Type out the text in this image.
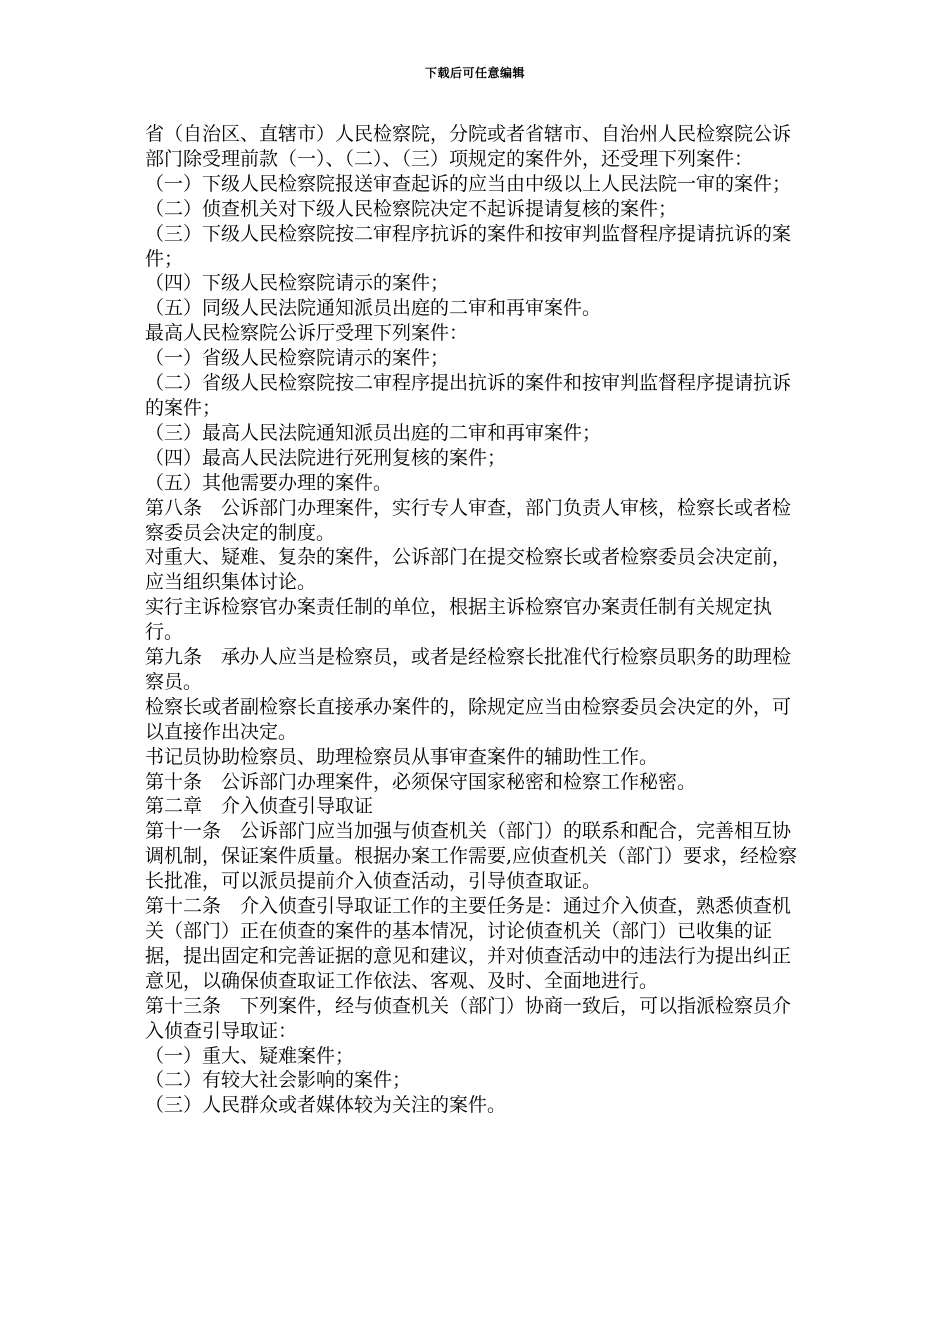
下载后可任意编辑

省（自治区、直辖市）人民检察院，分院或者省辖市、自治州人民检察院公诉部门除受理前款（一）、（二）、（三）项规定的案件外，还受理下列案件：

（一）下级人民检察院报送审查起诉的应当由中级以上人民法院一审的案件；

（二）侦查机关对下级人民检察院决定不起诉提请复核的案件；

（三）下级人民检察院按二审程序抗诉的案件和按审判监督程序提请抗诉的案件；

（四）下级人民检察院请示的案件；

（五）同级人民法院通知派员出庭的二审和再审案件。

最高人民检察院公诉厅受理下列案件：

（一）省级人民检察院请示的案件；

（二）省级人民检察院按二审程序提出抗诉的案件和按审判监督程序提请抗诉的案件；

（三）最高人民法院通知派员出庭的二审和再审案件；

（四）最高人民法院进行死刑复核的案件；

（五）其他需要办理的案件。

第八条　公诉部门办理案件，实行专人审查，部门负责人审核，检察长或者检察委员会决定的制度。

对重大、疑难、复杂的案件，公诉部门在提交检察长或者检察委员会决定前，应当组织集体讨论。

实行主诉检察官办案责任制的单位，根据主诉检察官办案责任制有关规定执行。

第九条　承办人应当是检察员，或者是经检察长批准代行检察员职务的助理检察员。

检察长或者副检察长直接承办案件的，除规定应当由检察委员会决定的外，可以直接作出决定。

书记员协助检察员、助理检察员从事审查案件的辅助性工作。

第十条　公诉部门办理案件，必须保守国家秘密和检察工作秘密。

第二章　介入侦查引导取证

第十一条　公诉部门应当加强与侦查机关（部门）的联系和配合，完善相互协调机制，保证案件质量。根据办案工作需要,应侦查机关（部门）要求，经检察长批准，可以派员提前介入侦查活动，引导侦查取证。

第十二条　介入侦查引导取证工作的主要任务是：通过介入侦查，熟悉侦查机关（部门）正在侦查的案件的基本情况，讨论侦查机关（部门）已收集的证据，提出固定和完善证据的意见和建议，并对侦查活动中的违法行为提出纠正意见，以确保侦查取证工作依法、客观、及时、全面地进行。

第十三条　下列案件，经与侦查机关（部门）协商一致后，可以指派检察员介入侦查引导取证：

（一）重大、疑难案件；

（二）有较大社会影响的案件；

（三）人民群众或者媒体较为关注的案件。
